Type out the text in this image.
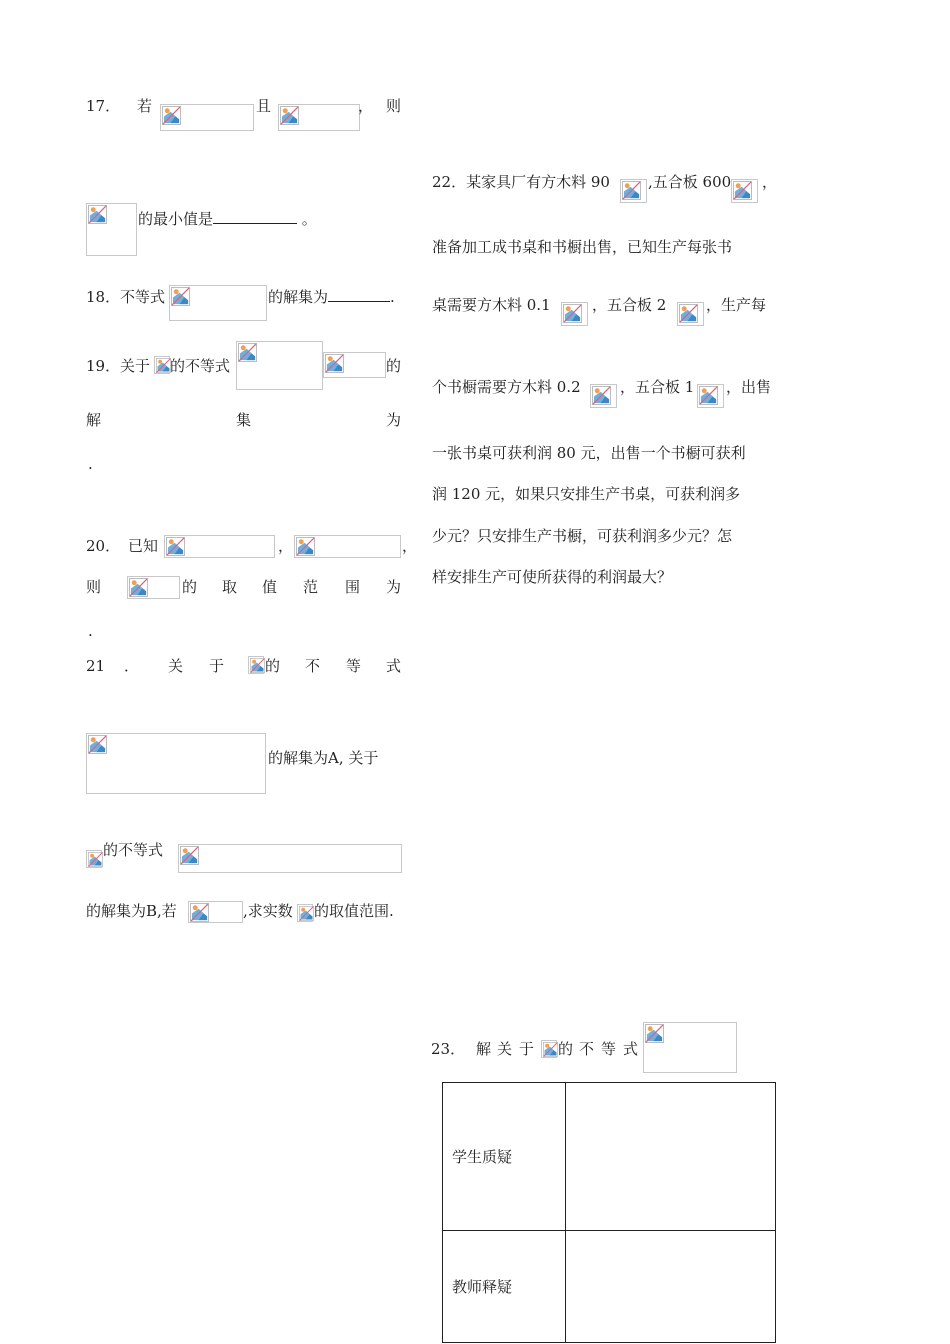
17． 若	且	， 则
的最小值是	。
18． 不等式	的解集为	.
19． 关于 的不等式	的
解	集	为
.
20． 已知	，	，
则	的 取 值 范 围 为
.
21 ． 关 于	的 不 等 式
的解集为A, 关于
的不等式
的解集为B,若	,求实数 的取值范围.
22．某家具厂有方木料 90	,五合板 600 ，
准备加工成书桌和书橱出售，已知生产每张书
桌需要方木料 0.1	，五合板 2	，生产每
个书橱需要方木料 0.2	，五合板 1 ，出售
一张书桌可获利润 80 元，出售一个书橱可获利
润 120 元，如果只安排生产书桌，可获利润多
少元？只安排生产书橱，可获利润多少元？怎
样安排生产可使所获得的利润最大？
23． 解 关 于 的 不 等 式
学生质疑	
教师释疑	
